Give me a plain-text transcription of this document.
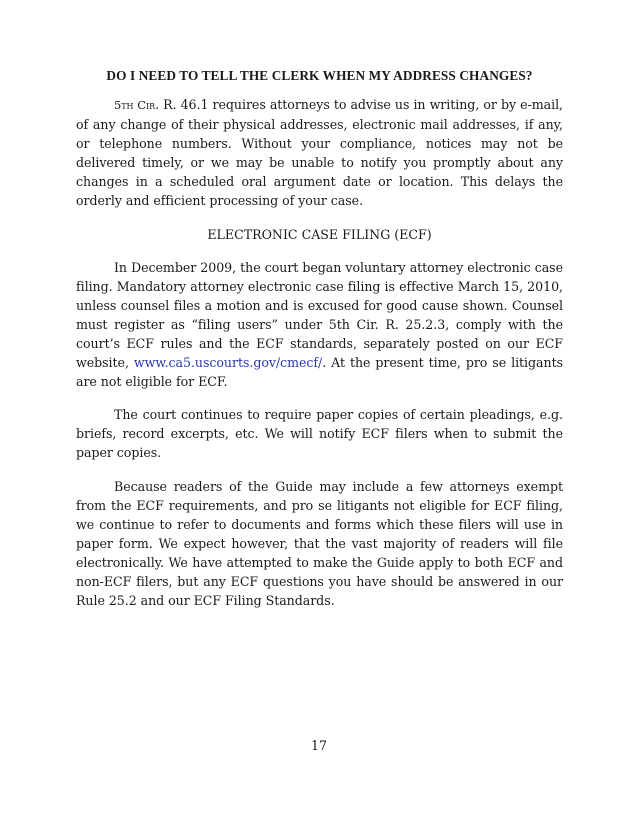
DO I NEED TO TELL THE CLERK WHEN MY ADDRESS CHANGES?

5th Cir. R. 46.1 requires attorneys to advise us in writing, or by e-mail, of any change of their physical addresses, electronic mail addresses, if any, or telephone numbers. Without your compliance, notices may not be delivered timely, or we may be unable to notify you promptly about any changes in a scheduled oral argument date or location. This delays the orderly and efficient processing of your case.

ELECTRONIC CASE FILING (ECF)

In December 2009, the court began voluntary attorney electronic case filing. Mandatory attorney electronic case filing is effective March 15, 2010, unless counsel files a motion and is excused for good cause shown. Counsel must register as “filing users” under 5th Cir. R. 25.2.3, comply with the court’s ECF rules and the ECF standards, separately posted on our ECF website, www.ca5.uscourts.gov/cmecf/. At the present time, pro se litigants are not eligible for ECF.

The court continues to require paper copies of certain pleadings, e.g. briefs, record excerpts, etc. We will notify ECF filers when to submit the paper copies.

Because readers of the Guide may include a few attorneys exempt from the ECF requirements, and pro se litigants not eligible for ECF filing, we continue to refer to documents and forms which these filers will use in paper form. We expect however, that the vast majority of readers will file electronically. We have attempted to make the Guide apply to both ECF and non-ECF filers, but any ECF questions you have should be answered in our Rule 25.2 and our ECF Filing Standards.

17
